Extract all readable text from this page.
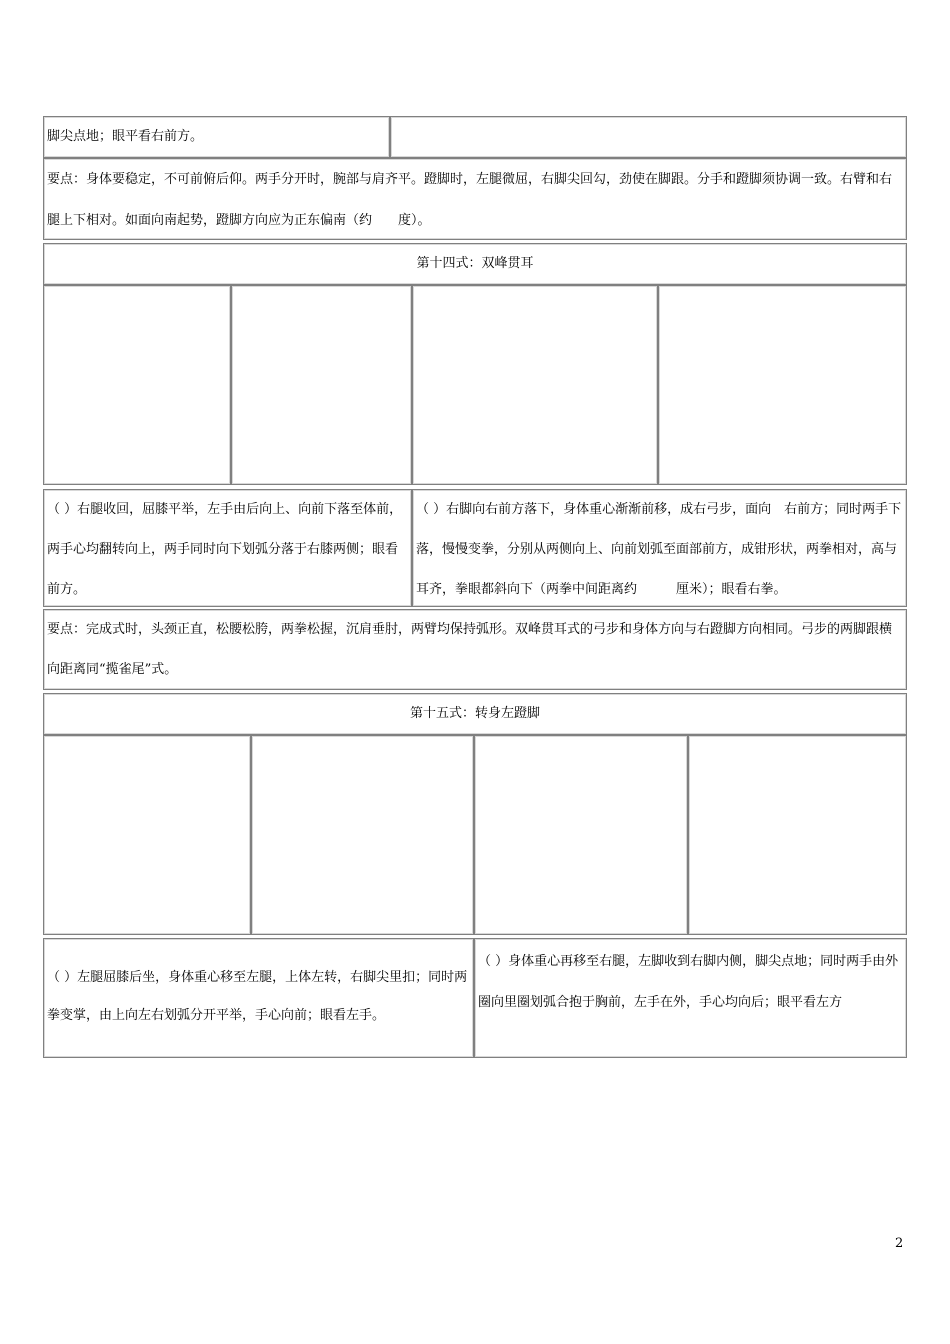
脚尖点地；眼平看右前方。
要点：身体要稳定，不可前俯后仰。两手分开时，腕部与肩齐平。蹬脚时，左腿微屈，右脚尖回勾，劲使在脚跟。分手和蹬脚须协调一致。右臂和右腿上下相对。如面向南起势，蹬脚方向应为正东偏南（约　　度）。
第十四式：双峰贯耳
（ ）右腿收回，屈膝平举，左手由后向上、向前下落至体前，两手心均翻转向上，两手同时向下划弧分落于右膝两侧；眼看前方。
（ ）右脚向右前方落下，身体重心渐渐前移，成右弓步，面向　右前方；同时两手下落，慢慢变拳，分别从两侧向上、向前划弧至面部前方，成钳形状，两拳相对，高与耳齐，拳眼都斜向下（两拳中间距离约　　　厘米）；眼看右拳。
要点：完成式时，头颈正直，松腰松胯，两拳松握，沉肩垂肘，两臂均保持弧形。双峰贯耳式的弓步和身体方向与右蹬脚方向相同。弓步的两脚跟横向距离同“揽雀尾”式。
第十五式：转身左蹬脚
（ ）左腿屈膝后坐，身体重心移至左腿，上体左转，右脚尖里扣；同时两拳变掌，由上向左右划弧分开平举，手心向前；眼看左手。
（ ）身体重心再移至右腿，左脚收到右脚内侧，脚尖点地；同时两手由外圈向里圈划弧合抱于胸前，左手在外，手心均向后；眼平看左方
2
